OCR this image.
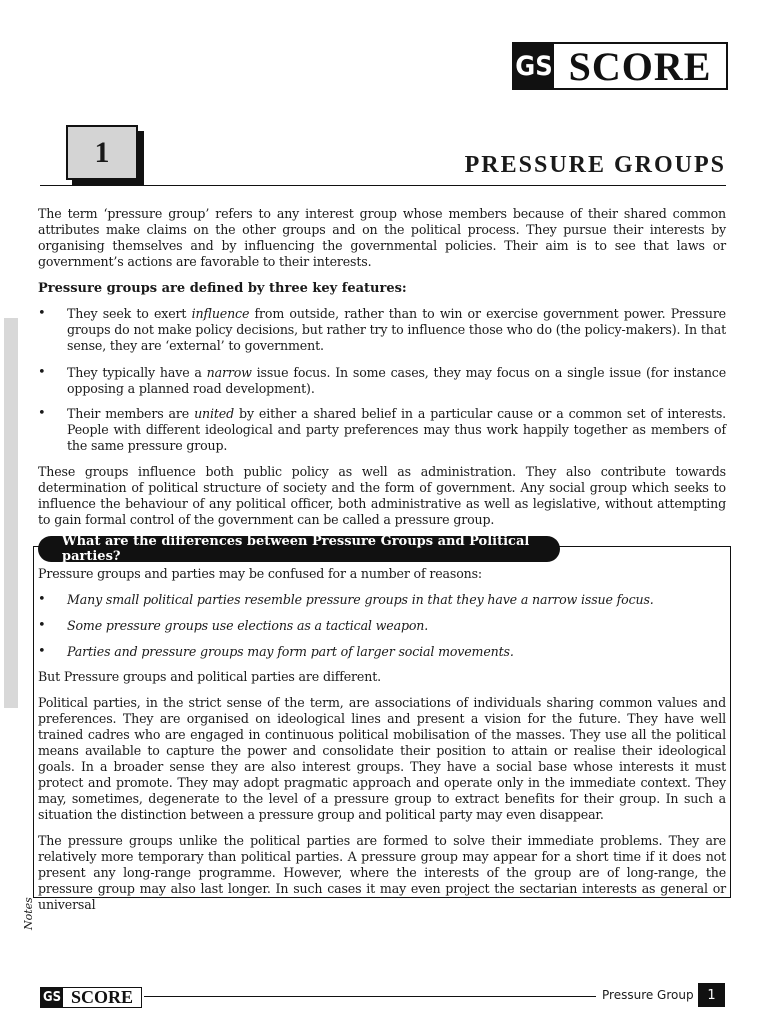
GS SCORE
1	PRESSURE GROUPS
The term ‘pressure group’ refers to any interest group whose members because of their shared common attributes make claims on the other groups and on the political process. They pursue their interests by organising themselves and by influencing the governmental policies. Their aim is to see that laws or government’s actions are favorable to their interests.
Pressure groups are defined by three key features:
• They seek to exert influence from outside, rather than to win or exercise government power. Pressure groups do not make policy decisions, but rather try to influence those who do (the policy-makers). In that sense, they are ‘external’ to government.
• They typically have a narrow issue focus. In some cases, they may focus on a single issue (for instance opposing a planned road development).
• Their members are united by either a shared belief in a particular cause or a common set of interests. People with different ideological and party preferences may thus work happily together as members of the same pressure group.
These groups influence both public policy as well as administration. They also contribute towards determination of political structure of society and the form of government. Any social group which seeks to influence the behaviour of any political officer, both administrative as well as legislative, without attempting to gain formal control of the government can be called a pressure group.
What are the differences between Pressure Groups and Political parties?
Pressure groups and parties may be confused for a number of reasons:
• Many small political parties resemble pressure groups in that they have a narrow issue focus.
• Some pressure groups use elections as a tactical weapon.
• Parties and pressure groups may form part of larger social movements.
But Pressure groups and political parties are different.
Political parties, in the strict sense of the term, are associations of individuals sharing common values and preferences. They are organised on ideological lines and present a vision for the future. They have well trained cadres who are engaged in continuous political mobilisation of the masses. They use all the political means available to capture the power and consolidate their position to attain or realise their ideological goals. In a broader sense they are also interest groups. They have a social base whose interests it must protect and promote. They may adopt pragmatic approach and operate only in the immediate context. They may, sometimes, degenerate to the level of a pressure group to extract benefits for their group. In such a situation the distinction between a pressure group and political party may even disappear.
The pressure groups unlike the political parties are formed to solve their immediate problems. They are relatively more temporary than political parties. A pressure group may appear for a short time if it does not present any long-range programme. However, where the interests of the group are of long-range, the pressure group may also last longer. In such cases it may even project the sectarian interests as general or universal
Notes
GS SCORE	Pressure Group	1
